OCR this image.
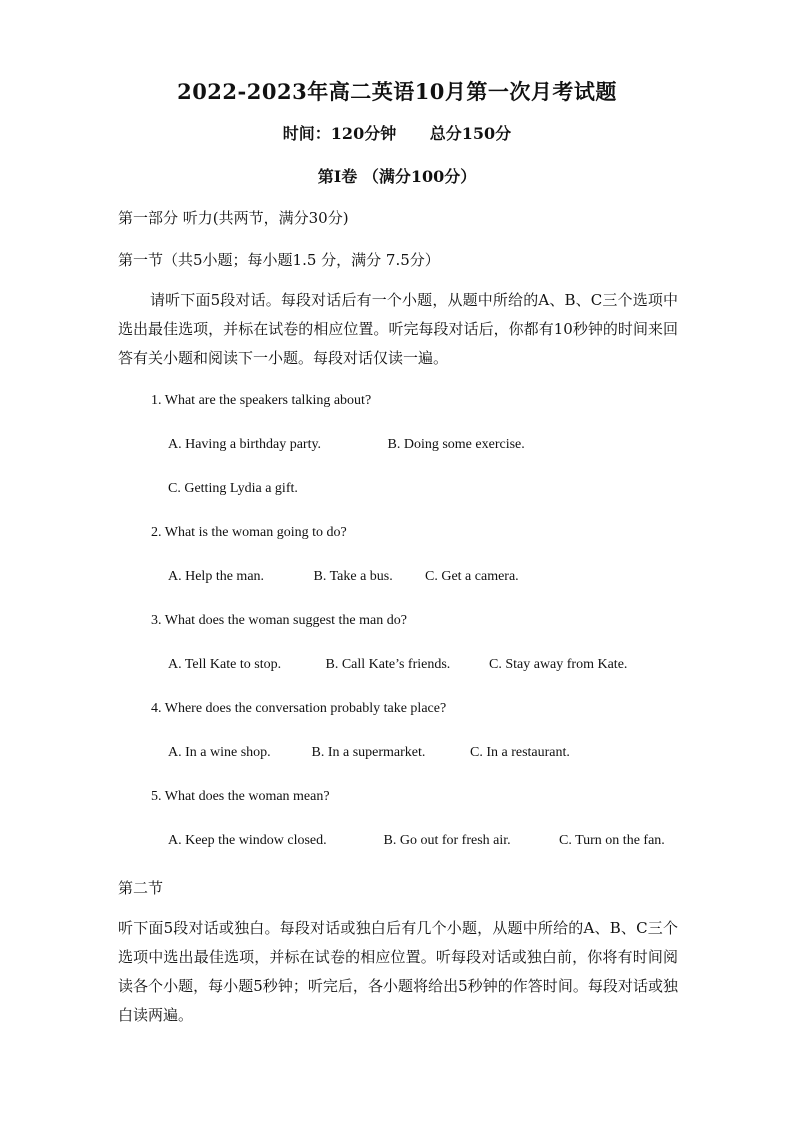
2022-2023年高二英语10月第一次月考试题
时间：120分钟 总分150分
第I卷 （满分100分）
第一部分 听力(共两节，满分30分)
第一节（共5小题；每小题1.5 分，满分 7.5分）
请听下面5段对话。每段对话后有一个小题，从题中所给的A、B、C三个选项中选出最佳选项，并标在试卷的相应位置。听完每段对话后，你都有10秒钟的时间来回答有关小题和阅读下一小题。每段对话仅读一遍。
1. What are the speakers talking about?
A. Having a birthday party.	B. Doing some exercise.
C. Getting Lydia a gift.
2. What is the woman going to do?
A. Help the man.	B. Take a bus. C. Get a camera.
3. What does the woman suggest the man do?
A. Tell Kate to stop.	B. Call Kate’s friends.	C. Stay away from Kate.
4. Where does the conversation probably take place?
A. In a wine shop.	B. In a supermarket.	C. In a restaurant.
5. What does the woman mean?
A. Keep the window closed.	B. Go out for fresh air.	C. Turn on the fan.
第二节
听下面5段对话或独白。每段对话或独白后有几个小题，从题中所给的A、B、C三个选项中选出最佳选项，并标在试卷的相应位置。听每段对话或独白前，你将有时间阅读各个小题，每小题5秒钟；听完后，各小题将给出5秒钟的作答时间。每段对话或独白读两遍。
